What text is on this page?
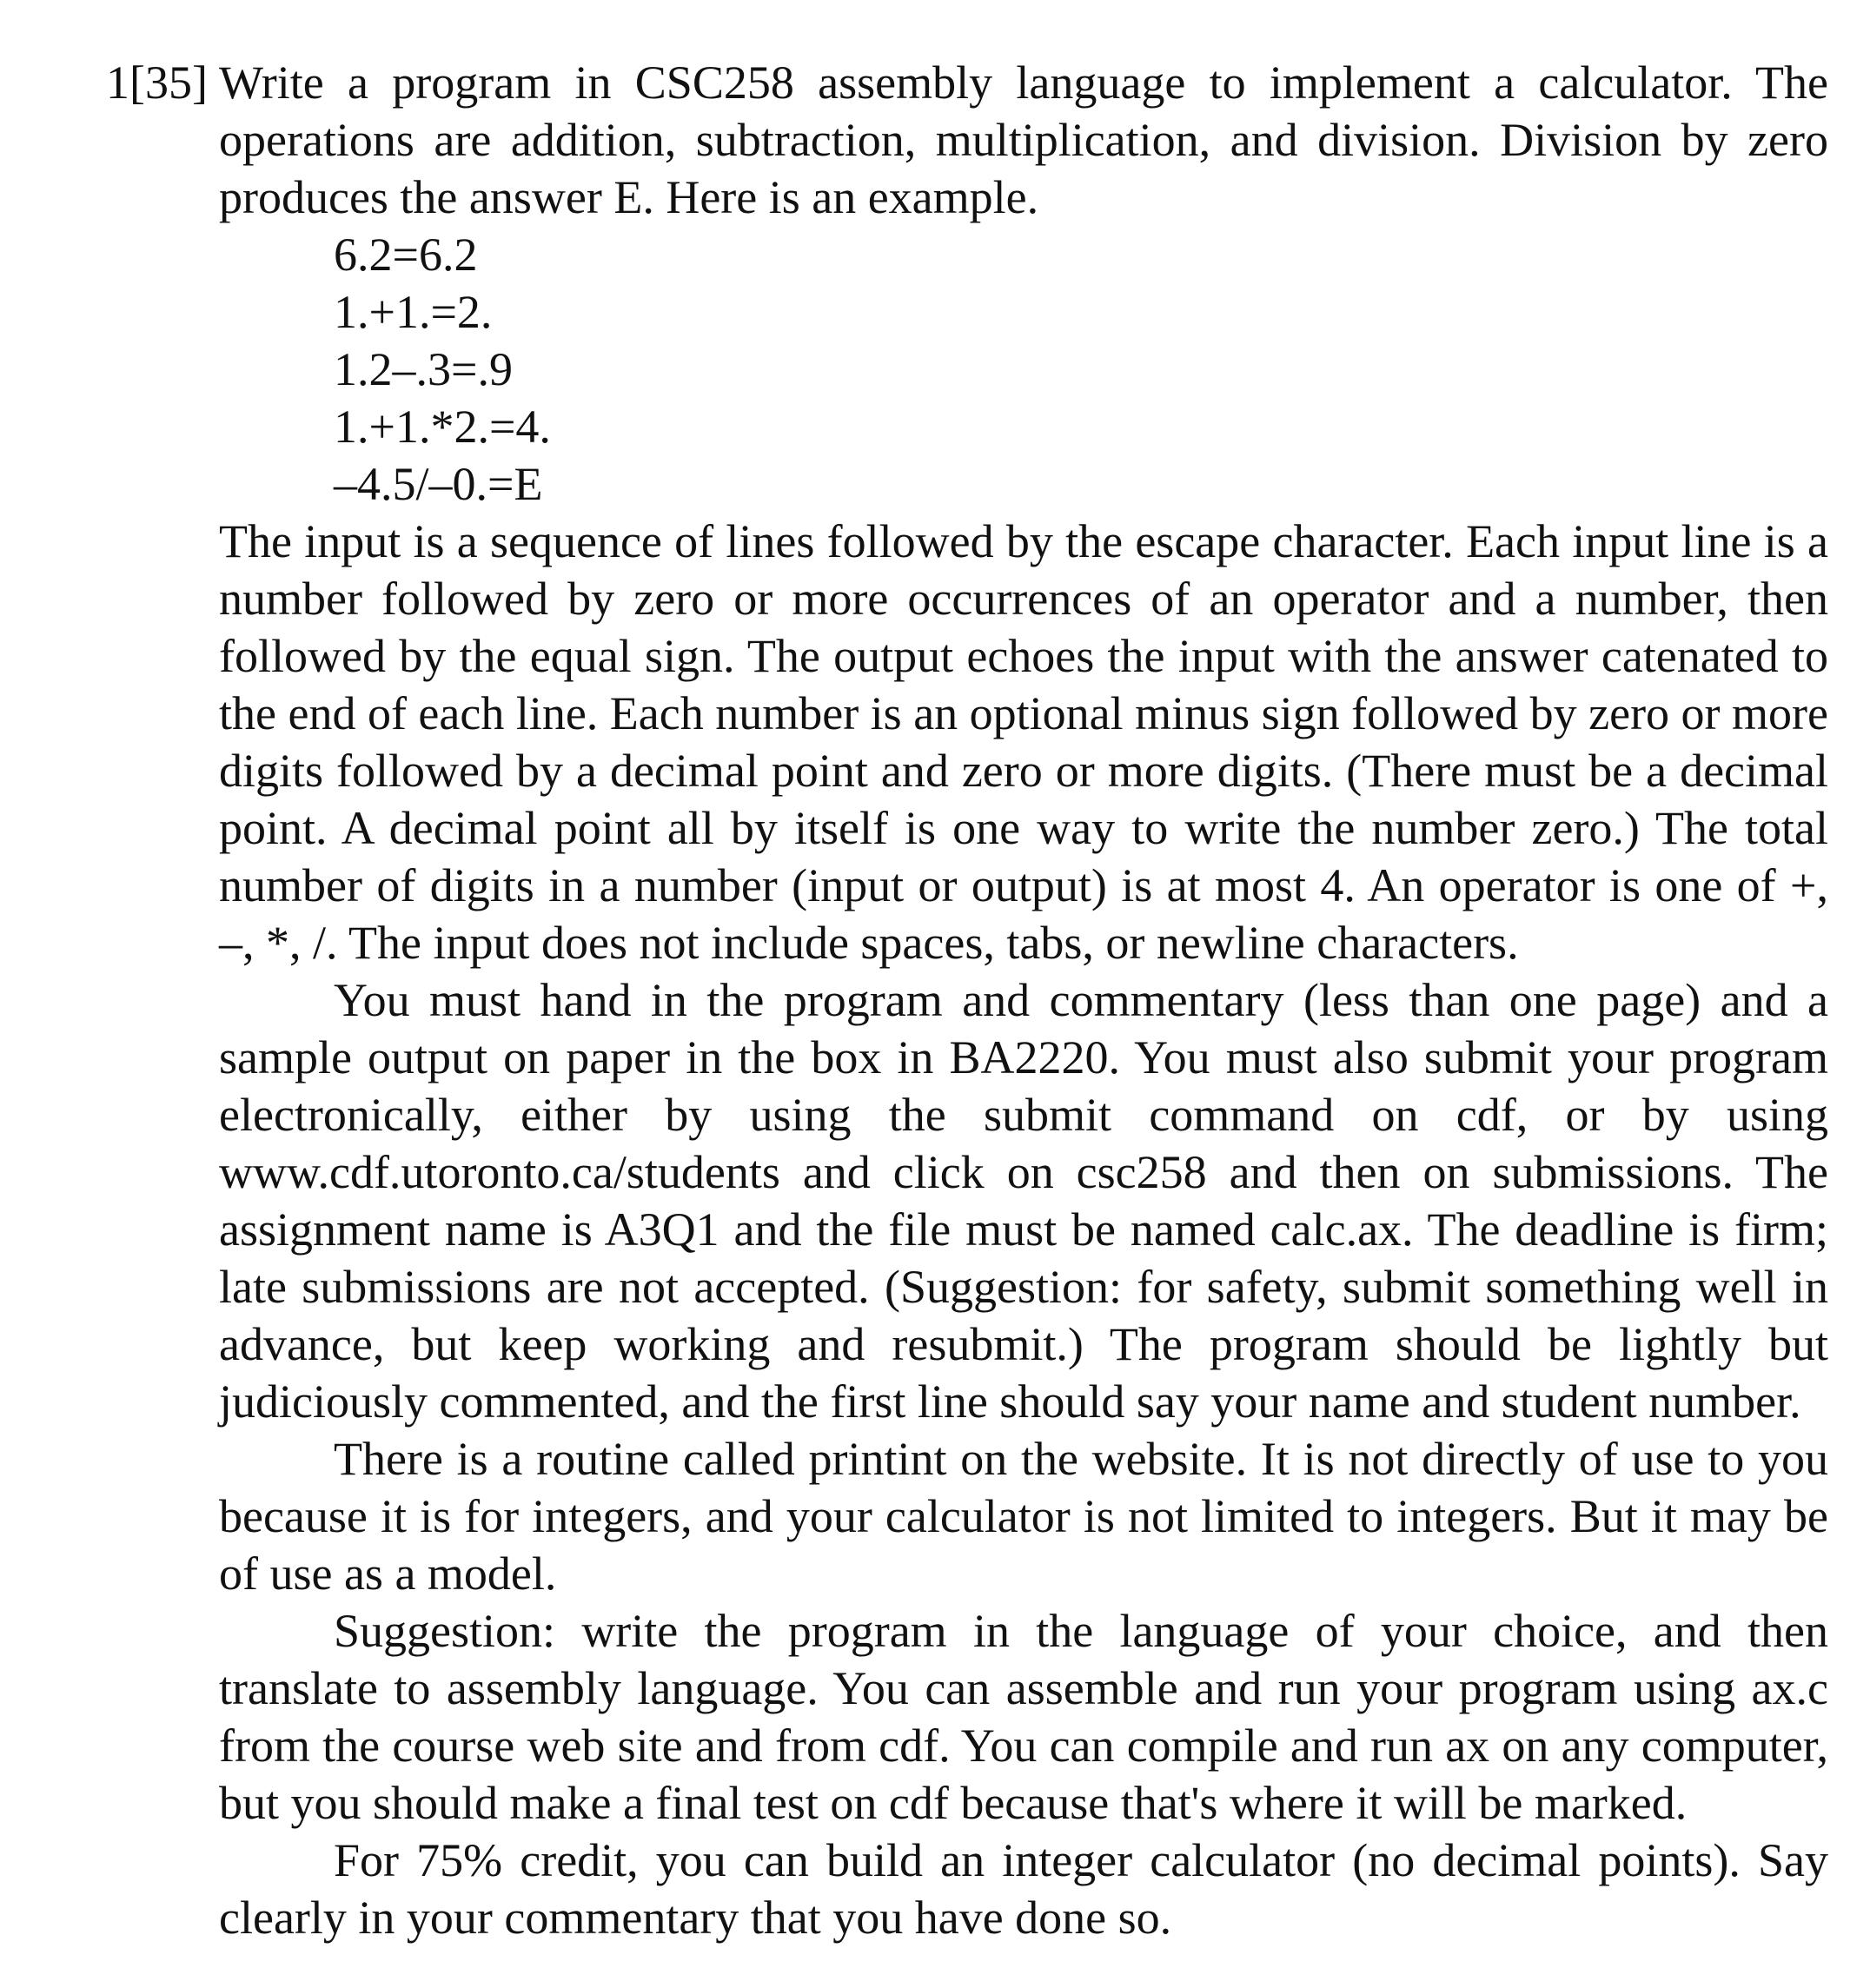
1[35] Write a program in CSC258 assembly language to implement a calculator. The operations are addition, subtraction, multiplication, and division. Division by zero produces the answer E. Here is an example.

6.2=6.2
1.+1.=2.
1.2–.3=.9
1.+1.*2.=4.
–4.5/–0.=E

The input is a sequence of lines followed by the escape character. Each input line is a number followed by zero or more occurrences of an operator and a number, then followed by the equal sign. The output echoes the input with the answer catenated to the end of each line. Each number is an optional minus sign followed by zero or more digits followed by a decimal point and zero or more digits. (There must be a decimal point. A decimal point all by itself is one way to write the number zero.) The total number of digits in a number (input or output) is at most 4. An operator is one of +, –, *, /. The input does not include spaces, tabs, or newline characters.

You must hand in the program and commentary (less than one page) and a sample output on paper in the box in BA2220. You must also submit your program electronically, either by using the submit command on cdf, or by using www.cdf.utoronto.ca/students and click on csc258 and then on submissions. The assignment name is A3Q1 and the file must be named calc.ax. The deadline is firm; late submissions are not accepted. (Suggestion: for safety, submit something well in advance, but keep working and resubmit.) The program should be lightly but judiciously commented, and the first line should say your name and student number.

There is a routine called printint on the website. It is not directly of use to you because it is for integers, and your calculator is not limited to integers. But it may be of use as a model.

Suggestion: write the program in the language of your choice, and then translate to assembly language. You can assemble and run your program using ax.c from the course web site and from cdf. You can compile and run ax on any computer, but you should make a final test on cdf because that's where it will be marked.

For 75% credit, you can build an integer calculator (no decimal points). Say clearly in your commentary that you have done so.
